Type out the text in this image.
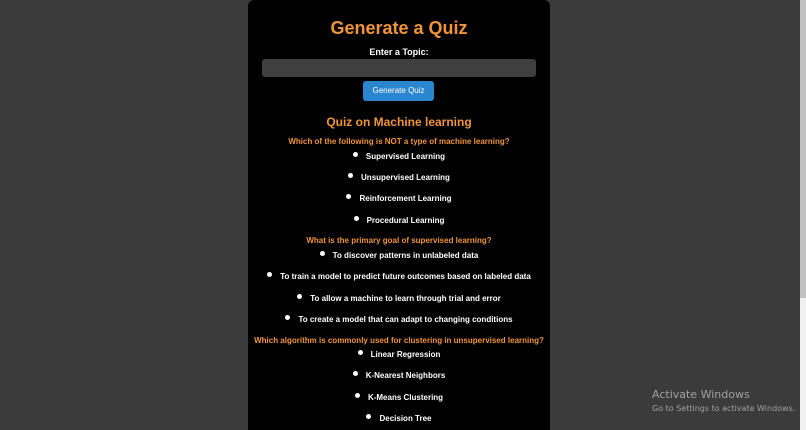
Generate a Quiz
Enter a Topic:
Generate Quiz
Quiz on Machine learning
Which of the following is NOT a type of machine learning?
Supervised Learning
Unsupervised Learning
Reinforcement Learning
Procedural Learning
What is the primary goal of supervised learning?
To discover patterns in unlabeled data
To train a model to predict future outcomes based on labeled data
To allow a machine to learn through trial and error
To create a model that can adapt to changing conditions
Which algorithm is commonly used for clustering in unsupervised learning?
Linear Regression
K-Nearest Neighbors
K-Means Clustering
Decision Tree
Activate Windows
Go to Settings to activate Windows.
